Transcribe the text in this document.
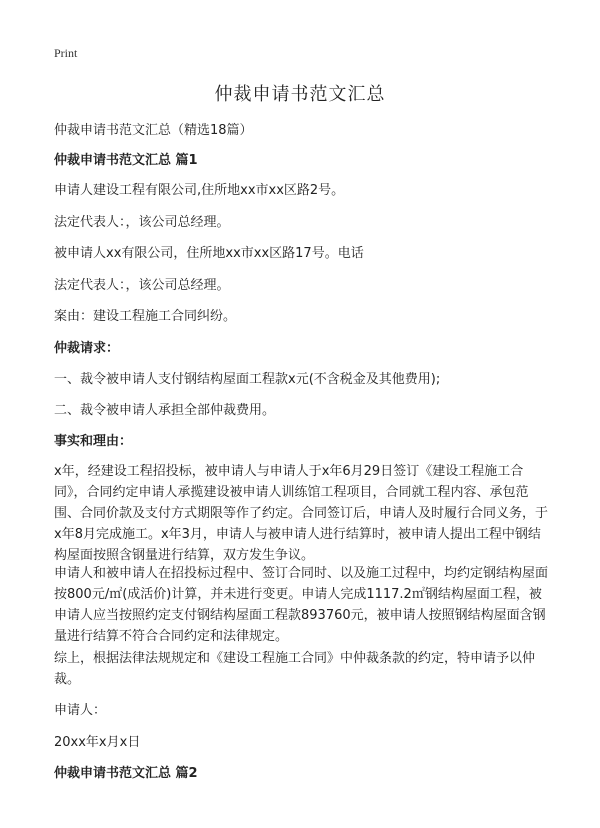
Print
仲裁申请书范文汇总
仲裁申请书范文汇总（精选18篇）
仲裁申请书范文汇总 篇1
申请人建设工程有限公司,住所地xx市xx区路2号。
法定代表人：，该公司总经理。
被申请人xx有限公司，住所地xx市xx区路17号。电话
法定代表人：，该公司总经理。
案由：建设工程施工合同纠纷。
仲裁请求：
一、裁令被申请人支付钢结构屋面工程款x元(不含税金及其他费用);
二、裁令被申请人承担全部仲裁费用。
事实和理由：
x年，经建设工程招投标，被申请人与申请人于x年6月29日签订《建设工程施工合同》，合同约定申请人承揽建设被申请人训练馆工程项目，合同就工程内容、承包范围、合同价款及支付方式期限等作了约定。合同签订后，申请人及时履行合同义务，于x年8月完成施工。x年3月，申请人与被申请人进行结算时，被申请人提出工程中钢结构屋面按照含钢量进行结算，双方发生争议。
申请人和被申请人在招投标过程中、签订合同时、以及施工过程中，均约定钢结构屋面按800元/㎡(成活价)计算，并未进行变更。申请人完成1117.2㎡钢结构屋面工程，被申请人应当按照约定支付钢结构屋面工程款893760元，被申请人按照钢结构屋面含钢量进行结算不符合合同约定和法律规定。
综上，根据法律法规规定和《建设工程施工合同》中仲裁条款的约定，特申请予以仲裁。
申请人：
20xx年x月x日
仲裁申请书范文汇总 篇2
